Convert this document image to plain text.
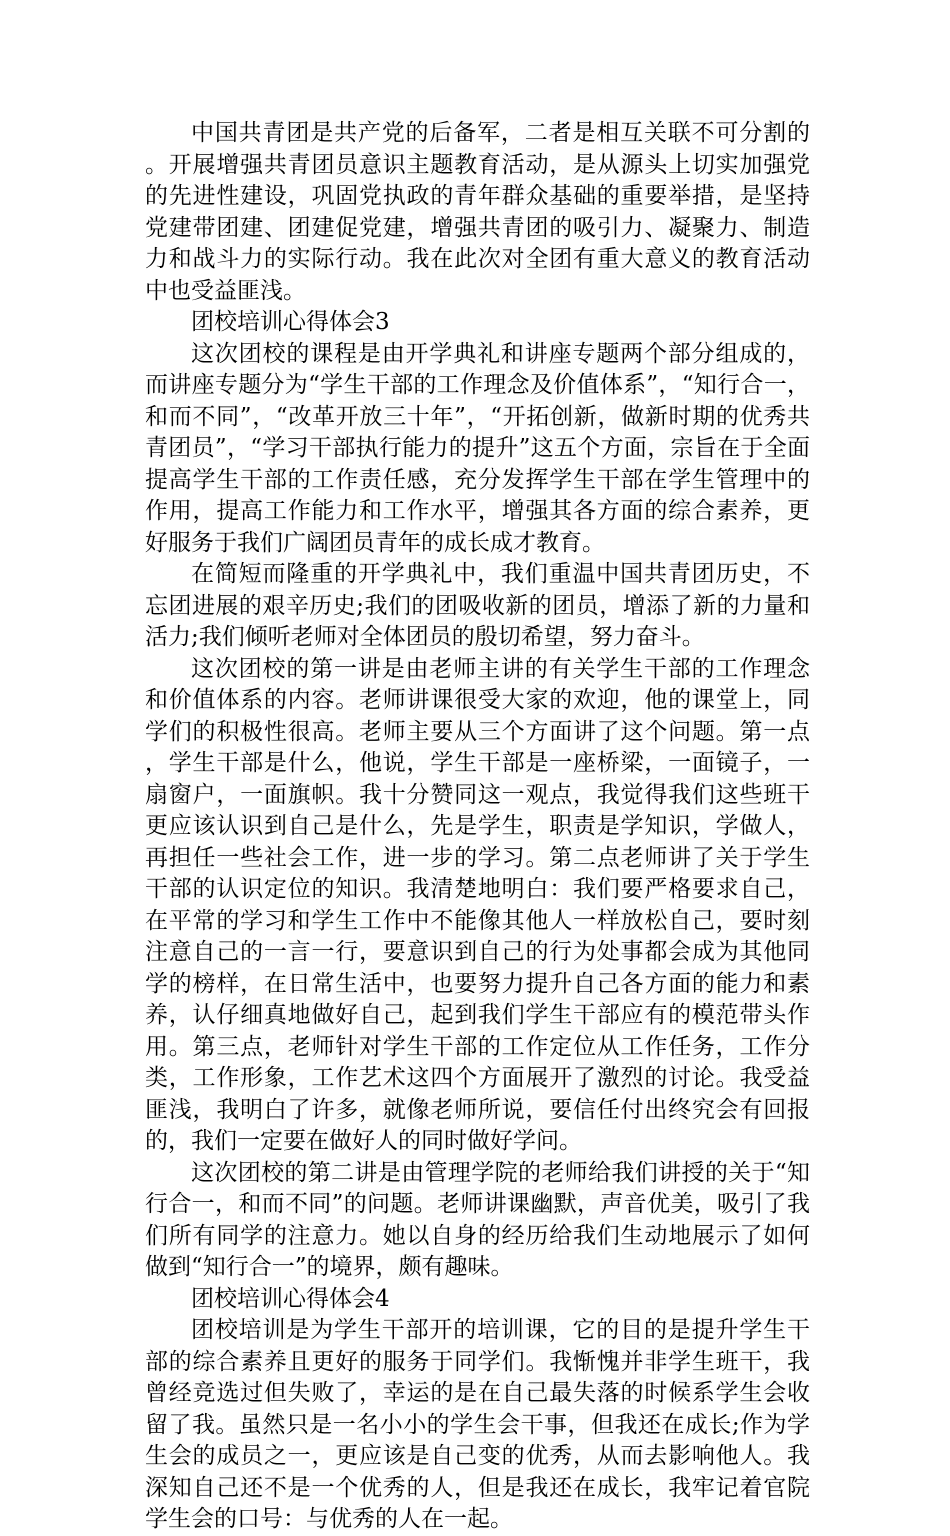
中国共青团是共产党的后备军，二者是相互关联不可分割的。开展增强共青团员意识主题教育活动，是从源头上切实加强党的先进性建设，巩固党执政的青年群众基础的重要举措，是坚持党建带团建、团建促党建，增强共青团的吸引力、凝聚力、制造力和战斗力的实际行动。我在此次对全团有重大意义的教育活动中也受益匪浅。

团校培训心得体会3

这次团校的课程是由开学典礼和讲座专题两个部分组成的，而讲座专题分为“学生干部的工作理念及价值体系”，“知行合一，和而不同”，“改革开放三十年”，“开拓创新，做新时期的优秀共青团员”，“学习干部执行能力的提升”这五个方面，宗旨在于全面提高学生干部的工作责任感，充分发挥学生干部在学生管理中的作用，提高工作能力和工作水平，增强其各方面的综合素养，更好服务于我们广阔团员青年的成长成才教育。

在简短而隆重的开学典礼中，我们重温中国共青团历史，不忘团进展的艰辛历史;我们的团吸收新的团员，增添了新的力量和活力;我们倾听老师对全体团员的殷切希望，努力奋斗。

这次团校的第一讲是由老师主讲的有关学生干部的工作理念和价值体系的内容。老师讲课很受大家的欢迎，他的课堂上，同学们的积极性很高。老师主要从三个方面讲了这个问题。第一点，学生干部是什么，他说，学生干部是一座桥梁，一面镜子，一扇窗户，一面旗帜。我十分赞同这一观点，我觉得我们这些班干更应该认识到自己是什么，先是学生，职责是学知识，学做人，再担任一些社会工作，进一步的学习。第二点老师讲了关于学生干部的认识定位的知识。我清楚地明白：我们要严格要求自己，在平常的学习和学生工作中不能像其他人一样放松自己，要时刻注意自己的一言一行，要意识到自己的行为处事都会成为其他同学的榜样，在日常生活中，也要努力提升自己各方面的能力和素养，认仔细真地做好自己，起到我们学生干部应有的模范带头作用。第三点，老师针对学生干部的工作定位从工作任务，工作分类，工作形象，工作艺术这四个方面展开了激烈的讨论。我受益匪浅，我明白了许多，就像老师所说，要信任付出终究会有回报的，我们一定要在做好人的同时做好学问。

这次团校的第二讲是由管理学院的老师给我们讲授的关于“知行合一，和而不同”的问题。老师讲课幽默，声音优美，吸引了我们所有同学的注意力。她以自身的经历给我们生动地展示了如何做到“知行合一”的境界，颇有趣味。

团校培训心得体会4

团校培训是为学生干部开的培训课，它的目的是提升学生干部的综合素养且更好的服务于同学们。我惭愧并非学生班干，我曾经竞选过但失败了，幸运的是在自己最失落的时候系学生会收留了我。虽然只是一名小小的学生会干事，但我还在成长;作为学生会的成员之一，更应该是自己变的优秀，从而去影响他人。我深知自己还不是一个优秀的人，但是我还在成长，我牢记着官院学生会的口号：与优秀的人在一起。
